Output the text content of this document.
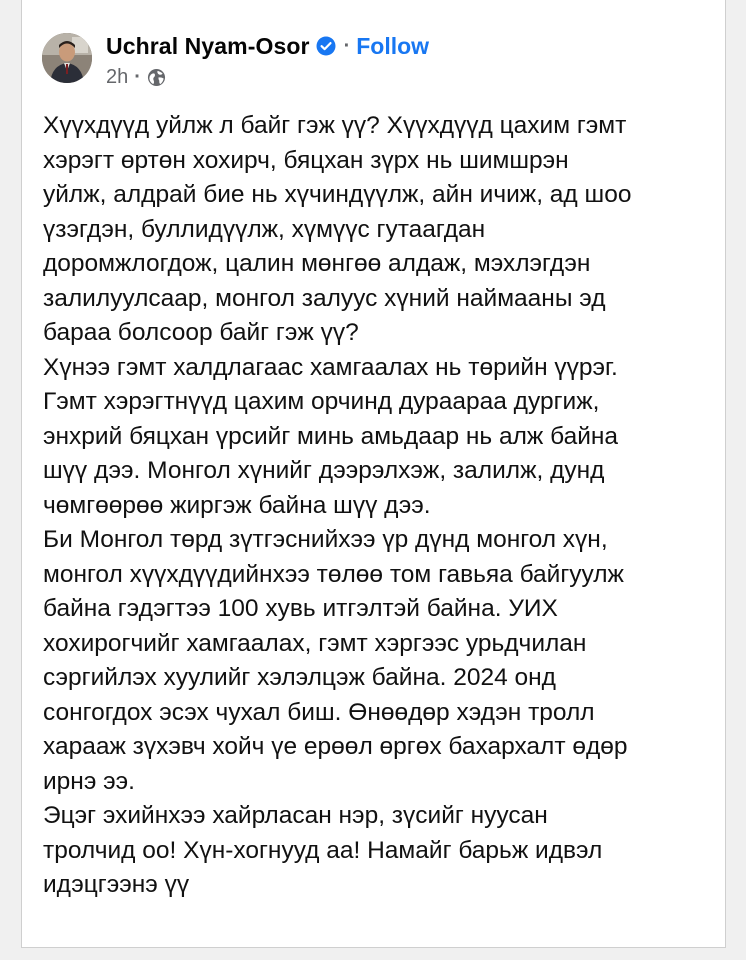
Uchral Nyam-Osor · Follow
2h ·
Хүүхдүүд уйлж л байг гэж үү? Хүүхдүүд цахим гэмт
хэрэгт өртөн хохирч, бяцхан зүрх нь шимшрэн
уйлж, алдрай бие нь хүчиндүүлж, айн ичиж, ад шоо
үзэгдэн, буллидүүлж, хүмүүс гутаагдан
доромжлогдож, цалин мөнгөө алдаж, мэхлэгдэн
залилуулсаар, монгол залуус хүний наймааны эд
бараа болсоор байг гэж үү?
Хүнээ гэмт халдлагаас хамгаалах нь төрийн үүрэг.
Гэмт хэрэгтнүүд цахим орчинд дураараа дургиж,
энхрий бяцхан үрсийг минь амьдаар нь алж байна
шүү дээ. Монгол хүнийг дээрэлхэж, залилж, дунд
чөмгөөрөө жиргэж байна шүү дээ.
Би Монгол төрд зүтгэснийхээ үр дүнд монгол хүн,
монгол хүүхдүүдийнхээ төлөө том гавьяа байгуулж
байна гэдэгтээ 100 хувь итгэлтэй байна. УИХ
хохирогчийг хамгаалах, гэмт хэргээс урьдчилан
сэргийлэх хуулийг хэлэлцэж байна. 2024 онд
сонгогдох эсэх чухал биш. Өнөөдөр хэдэн тролл
харааж зүхэвч хойч үе ерөөл өргөх бахархалт өдөр
ирнэ ээ.
Эцэг эхийнхээ хайрласан нэр, зүсийг нуусан
тролчид оо! Хүн-хогнууд аа! Намайг барьж идвэл
идэцгээнэ үү
